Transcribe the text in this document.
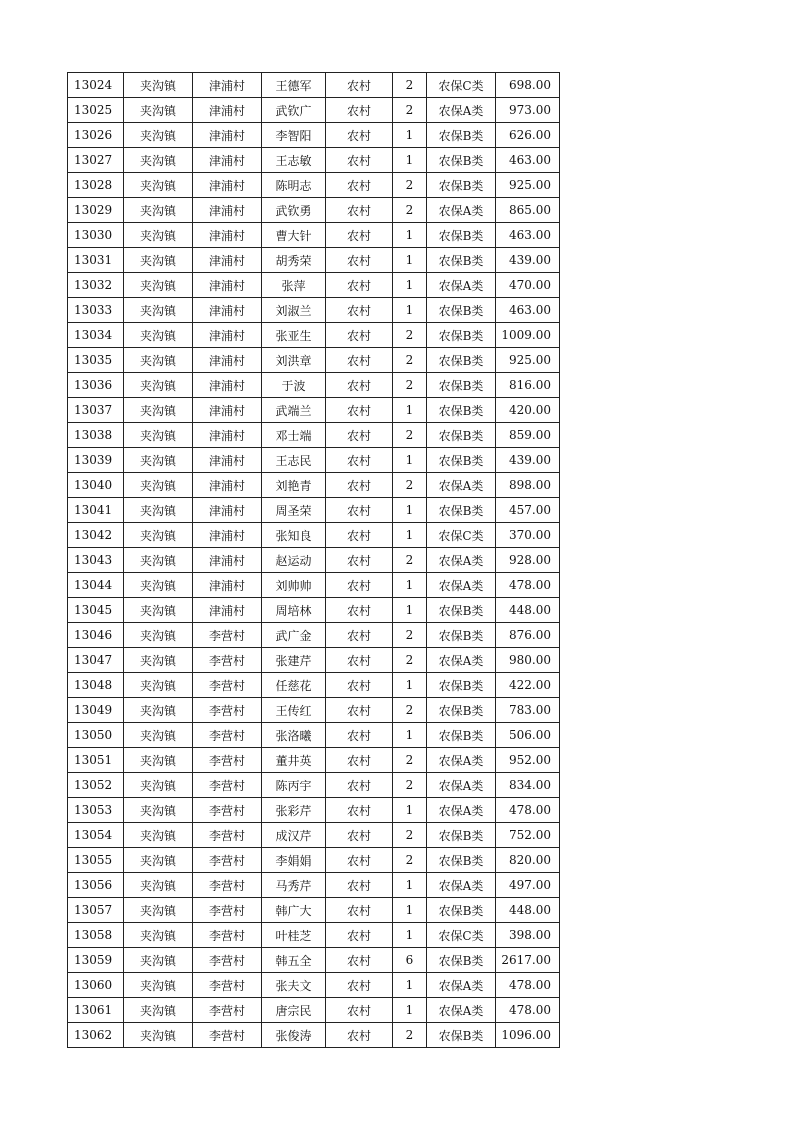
13024	夹沟镇	津浦村	王德军	农村	2	农保C类	698.00
13025	夹沟镇	津浦村	武钦广	农村	2	农保A类	973.00
13026	夹沟镇	津浦村	李智阳	农村	1	农保B类	626.00
13027	夹沟镇	津浦村	王志敏	农村	1	农保B类	463.00
13028	夹沟镇	津浦村	陈明志	农村	2	农保B类	925.00
13029	夹沟镇	津浦村	武钦勇	农村	2	农保A类	865.00
13030	夹沟镇	津浦村	曹大针	农村	1	农保B类	463.00
13031	夹沟镇	津浦村	胡秀荣	农村	1	农保B类	439.00
13032	夹沟镇	津浦村	张萍	农村	1	农保A类	470.00
13033	夹沟镇	津浦村	刘淑兰	农村	1	农保B类	463.00
13034	夹沟镇	津浦村	张亚生	农村	2	农保B类	1009.00
13035	夹沟镇	津浦村	刘洪章	农村	2	农保B类	925.00
13036	夹沟镇	津浦村	于波	农村	2	农保B类	816.00
13037	夹沟镇	津浦村	武端兰	农村	1	农保B类	420.00
13038	夹沟镇	津浦村	邓士端	农村	2	农保B类	859.00
13039	夹沟镇	津浦村	王志民	农村	1	农保B类	439.00
13040	夹沟镇	津浦村	刘艳青	农村	2	农保A类	898.00
13041	夹沟镇	津浦村	周圣荣	农村	1	农保B类	457.00
13042	夹沟镇	津浦村	张知良	农村	1	农保C类	370.00
13043	夹沟镇	津浦村	赵运动	农村	2	农保A类	928.00
13044	夹沟镇	津浦村	刘帅帅	农村	1	农保A类	478.00
13045	夹沟镇	津浦村	周培林	农村	1	农保B类	448.00
13046	夹沟镇	李营村	武广金	农村	2	农保B类	876.00
13047	夹沟镇	李营村	张建芹	农村	2	农保A类	980.00
13048	夹沟镇	李营村	任慈花	农村	1	农保B类	422.00
13049	夹沟镇	李营村	王传红	农村	2	农保B类	783.00
13050	夹沟镇	李营村	张洛曦	农村	1	农保B类	506.00
13051	夹沟镇	李营村	董井英	农村	2	农保A类	952.00
13052	夹沟镇	李营村	陈丙宇	农村	2	农保A类	834.00
13053	夹沟镇	李营村	张彩芹	农村	1	农保A类	478.00
13054	夹沟镇	李营村	成汉芹	农村	2	农保B类	752.00
13055	夹沟镇	李营村	李娟娟	农村	2	农保B类	820.00
13056	夹沟镇	李营村	马秀芹	农村	1	农保A类	497.00
13057	夹沟镇	李营村	韩广大	农村	1	农保B类	448.00
13058	夹沟镇	李营村	叶桂芝	农村	1	农保C类	398.00
13059	夹沟镇	李营村	韩五全	农村	6	农保B类	2617.00
13060	夹沟镇	李营村	张夫文	农村	1	农保A类	478.00
13061	夹沟镇	李营村	唐宗民	农村	1	农保A类	478.00
13062	夹沟镇	李营村	张俊涛	农村	2	农保B类	1096.00
